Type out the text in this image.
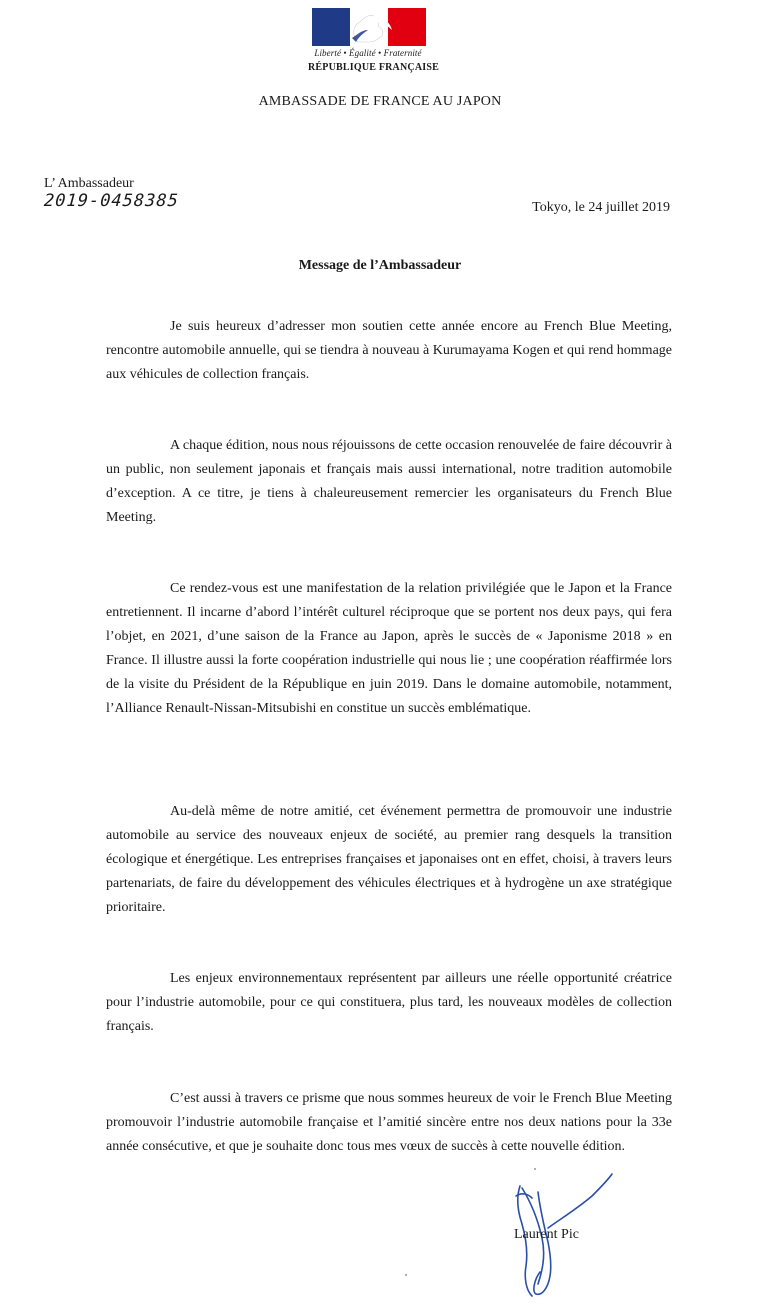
Liberté • Égalité • Fraternité
RÉPUBLIQUE FRANÇAISE
AMBASSADE DE FRANCE AU JAPON
L’ Ambassadeur
2019-0458385	Tokyo, le 24 juillet 2019
Message de l’Ambassadeur

Je suis heureux d’adresser mon soutien cette année encore au French Blue Meeting, rencontre automobile annuelle, qui se tiendra à nouveau à Kurumayama Kogen et qui rend hommage aux véhicules de collection français.

A chaque édition, nous nous réjouissons de cette occasion renouvelée de faire découvrir à un public, non seulement japonais et français mais aussi international, notre tradition automobile d’exception. A ce titre, je tiens à chaleureusement remercier les organisateurs du French Blue Meeting.

Ce rendez-vous est une manifestation de la relation privilégiée que le Japon et la France entretiennent. Il incarne d’abord l’intérêt culturel réciproque que se portent nos deux pays, qui fera l’objet, en 2021, d’une saison de la France au Japon, après le succès de « Japonisme 2018 » en France. Il illustre aussi la forte coopération industrielle qui nous lie ; une coopération réaffirmée lors de la visite du Président de la République en juin 2019. Dans le domaine automobile, notamment, l’Alliance Renault-Nissan-Mitsubishi en constitue un succès emblématique.

Au-delà même de notre amitié, cet événement permettra de promouvoir une industrie automobile au service des nouveaux enjeux de société, au premier rang desquels la transition écologique et énergétique. Les entreprises françaises et japonaises ont en effet, choisi, à travers leurs partenariats, de faire du développement des véhicules électriques et à hydrogène un axe stratégique prioritaire.

Les enjeux environnementaux représentent par ailleurs une réelle opportunité créatrice pour l’industrie automobile, pour ce qui constituera, plus tard, les nouveaux modèles de collection français.

C’est aussi à travers ce prisme que nous sommes heureux de voir le French Blue Meeting promouvoir l’industrie automobile française et l’amitié sincère entre nos deux nations pour la 33e année consécutive, et que je souhaite donc tous mes vœux de succès à cette nouvelle édition.

Laurent Pic
